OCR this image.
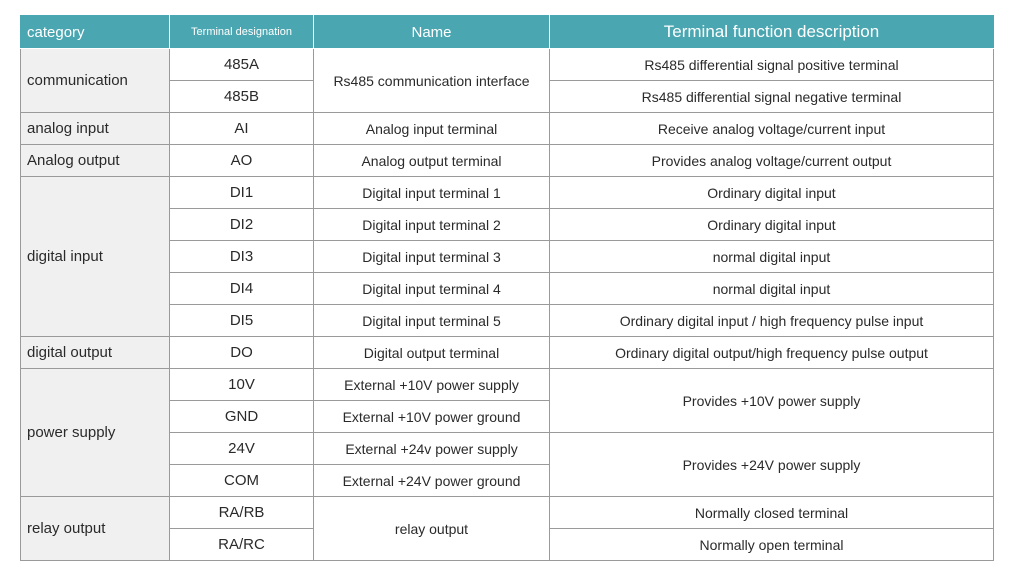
category	Terminal designation	Name	Terminal function description
communication	485A	Rs485 communication interface	Rs485 differential signal positive terminal
	485B		Rs485 differential signal negative terminal
analog input	AI	Analog input terminal	Receive analog voltage/current input
Analog output	AO	Analog output terminal	Provides analog voltage/current output
digital input	DI1	Digital input terminal 1	Ordinary digital input
	DI2	Digital input terminal 2	Ordinary digital input
	DI3	Digital input terminal 3	normal digital input
	DI4	Digital input terminal 4	normal digital input
	DI5	Digital input terminal 5	Ordinary digital input / high frequency pulse input
digital output	DO	Digital output terminal	Ordinary digital output/high frequency pulse output
power supply	10V	External +10V power supply	Provides +10V power supply
	GND	External +10V power ground	
	24V	External +24v power supply	Provides +24V power supply
	COM	External +24V power ground	
relay output	RA/RB	relay output	Normally closed terminal
	RA/RC		Normally open terminal
